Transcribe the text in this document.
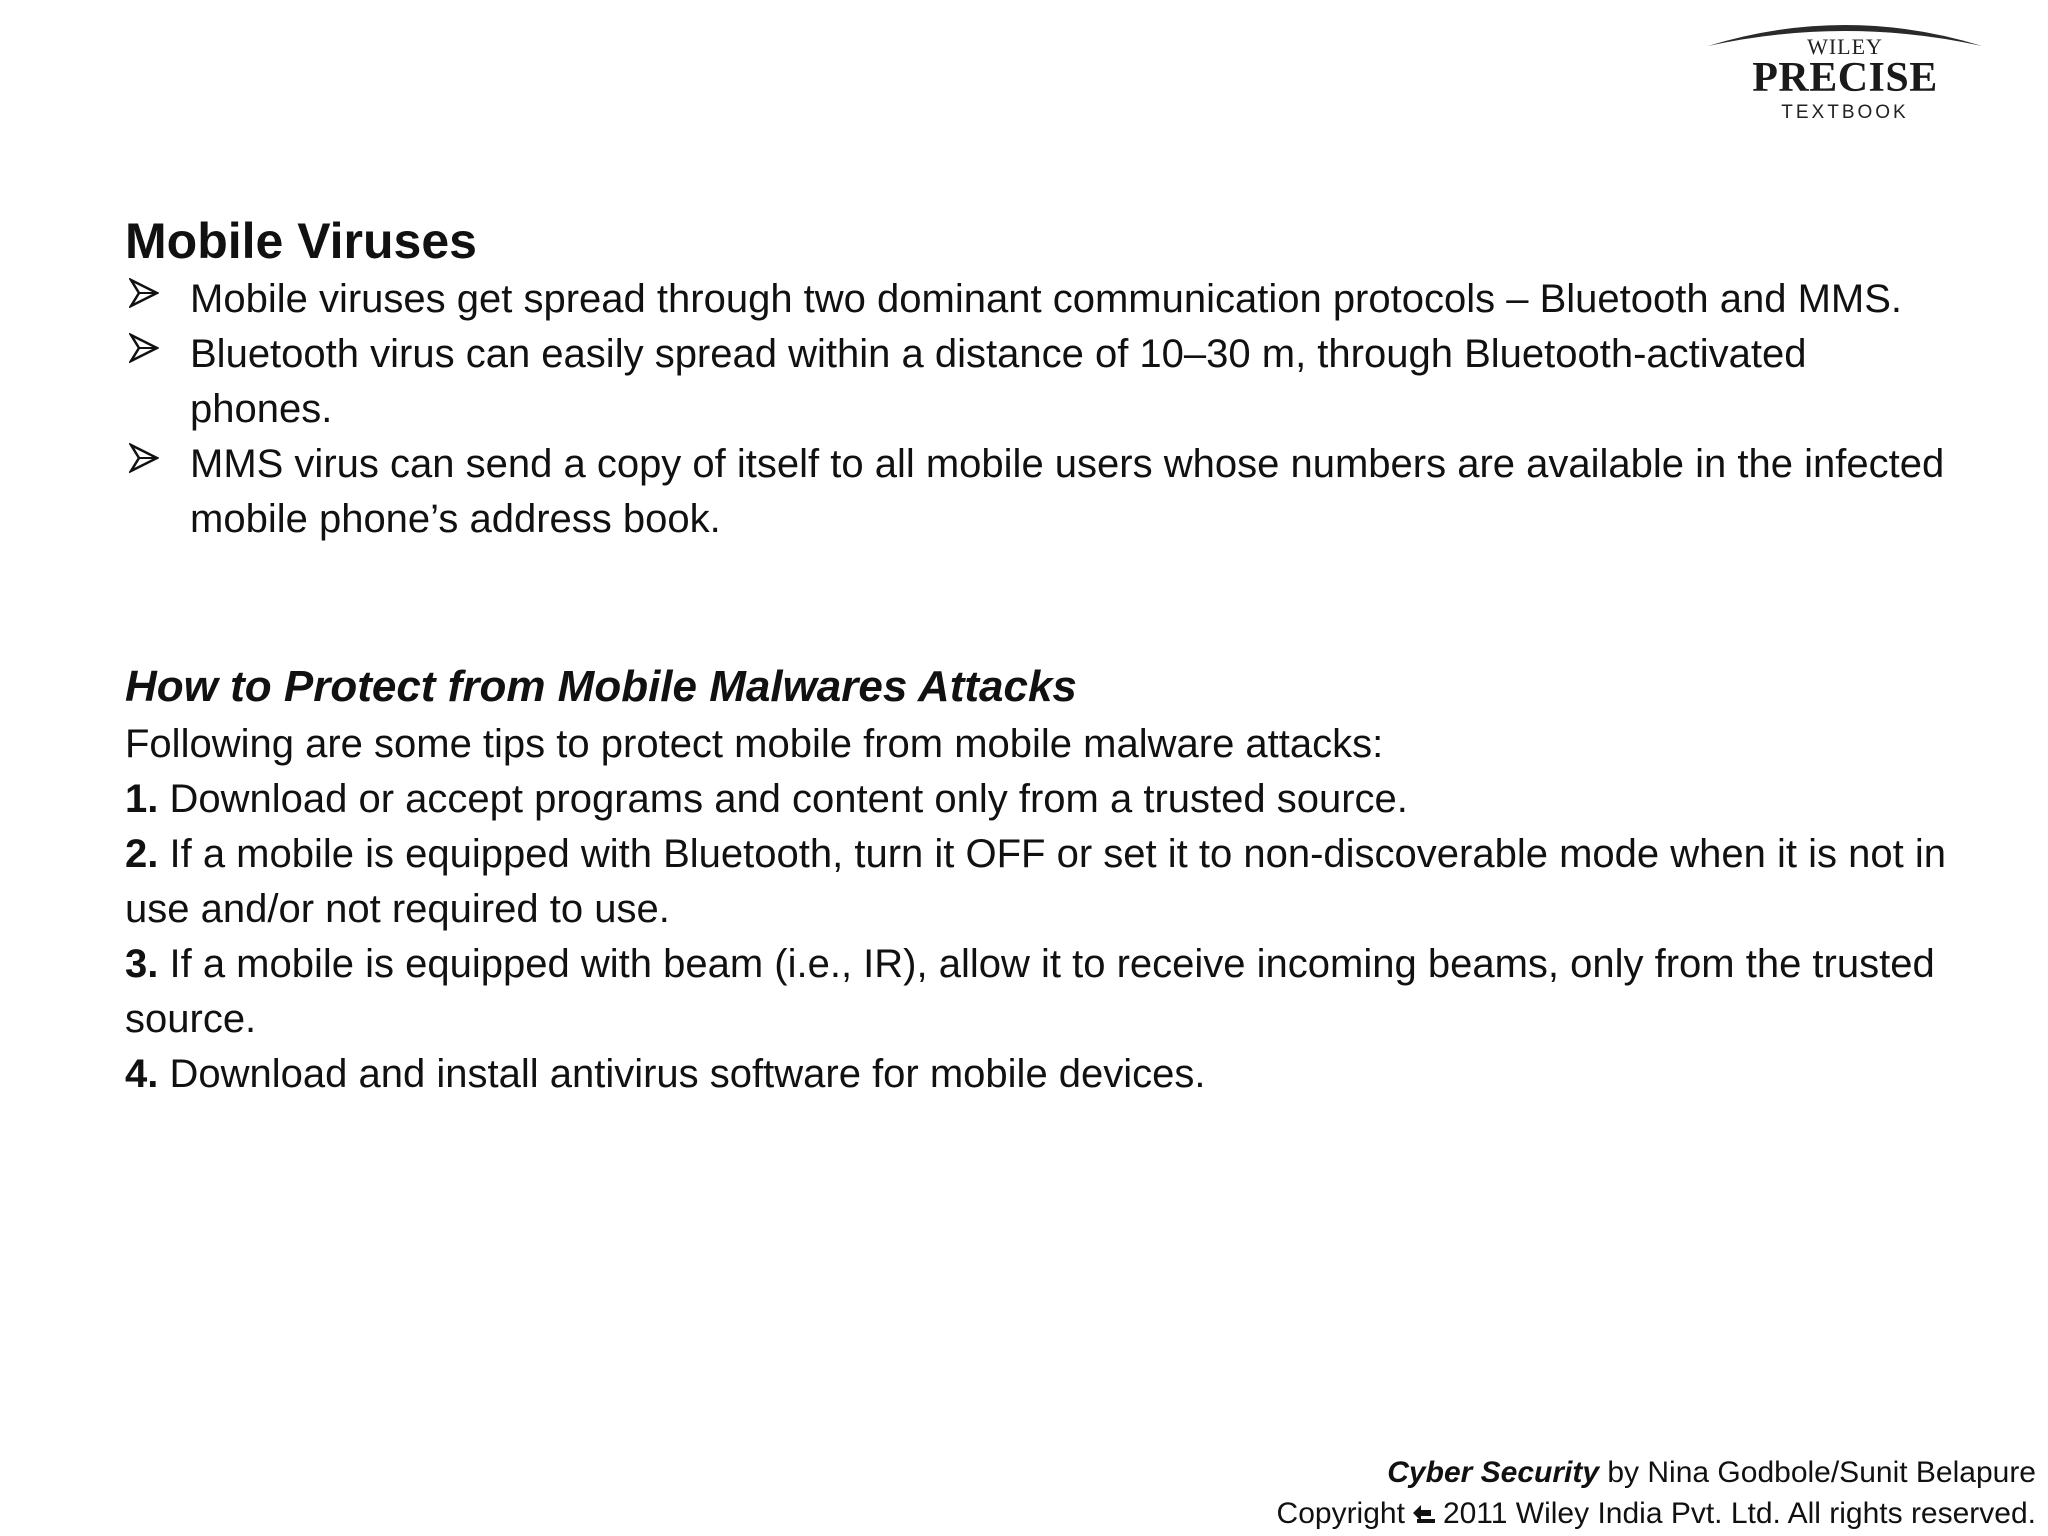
WILEY
PRECISE
TEXTBOOK
Mobile Viruses
Mobile viruses get spread through two dominant communication protocols – Bluetooth and MMS.
Bluetooth virus can easily spread within a distance of 10–30 m, through Bluetooth-activated phones.
MMS virus can send a copy of itself to all mobile users whose numbers are available in the infected mobile phone’s address book.
How to Protect from Mobile Malwares Attacks

Following are some tips to protect mobile from mobile malware attacks:

1. Download or accept programs and content only from a trusted source.

2. If a mobile is equipped with Bluetooth, turn it OFF or set it to non-discoverable mode when it is not in use and/or not required to use.

3. If a mobile is equipped with beam (i.e., IR), allow it to receive incoming beams, only from the trusted source.

4. Download and install antivirus software for mobile devices.

Cyber Security by Nina Godbole/Sunit Belapure
Copyright 2011 Wiley India Pvt. Ltd. All rights reserved.
